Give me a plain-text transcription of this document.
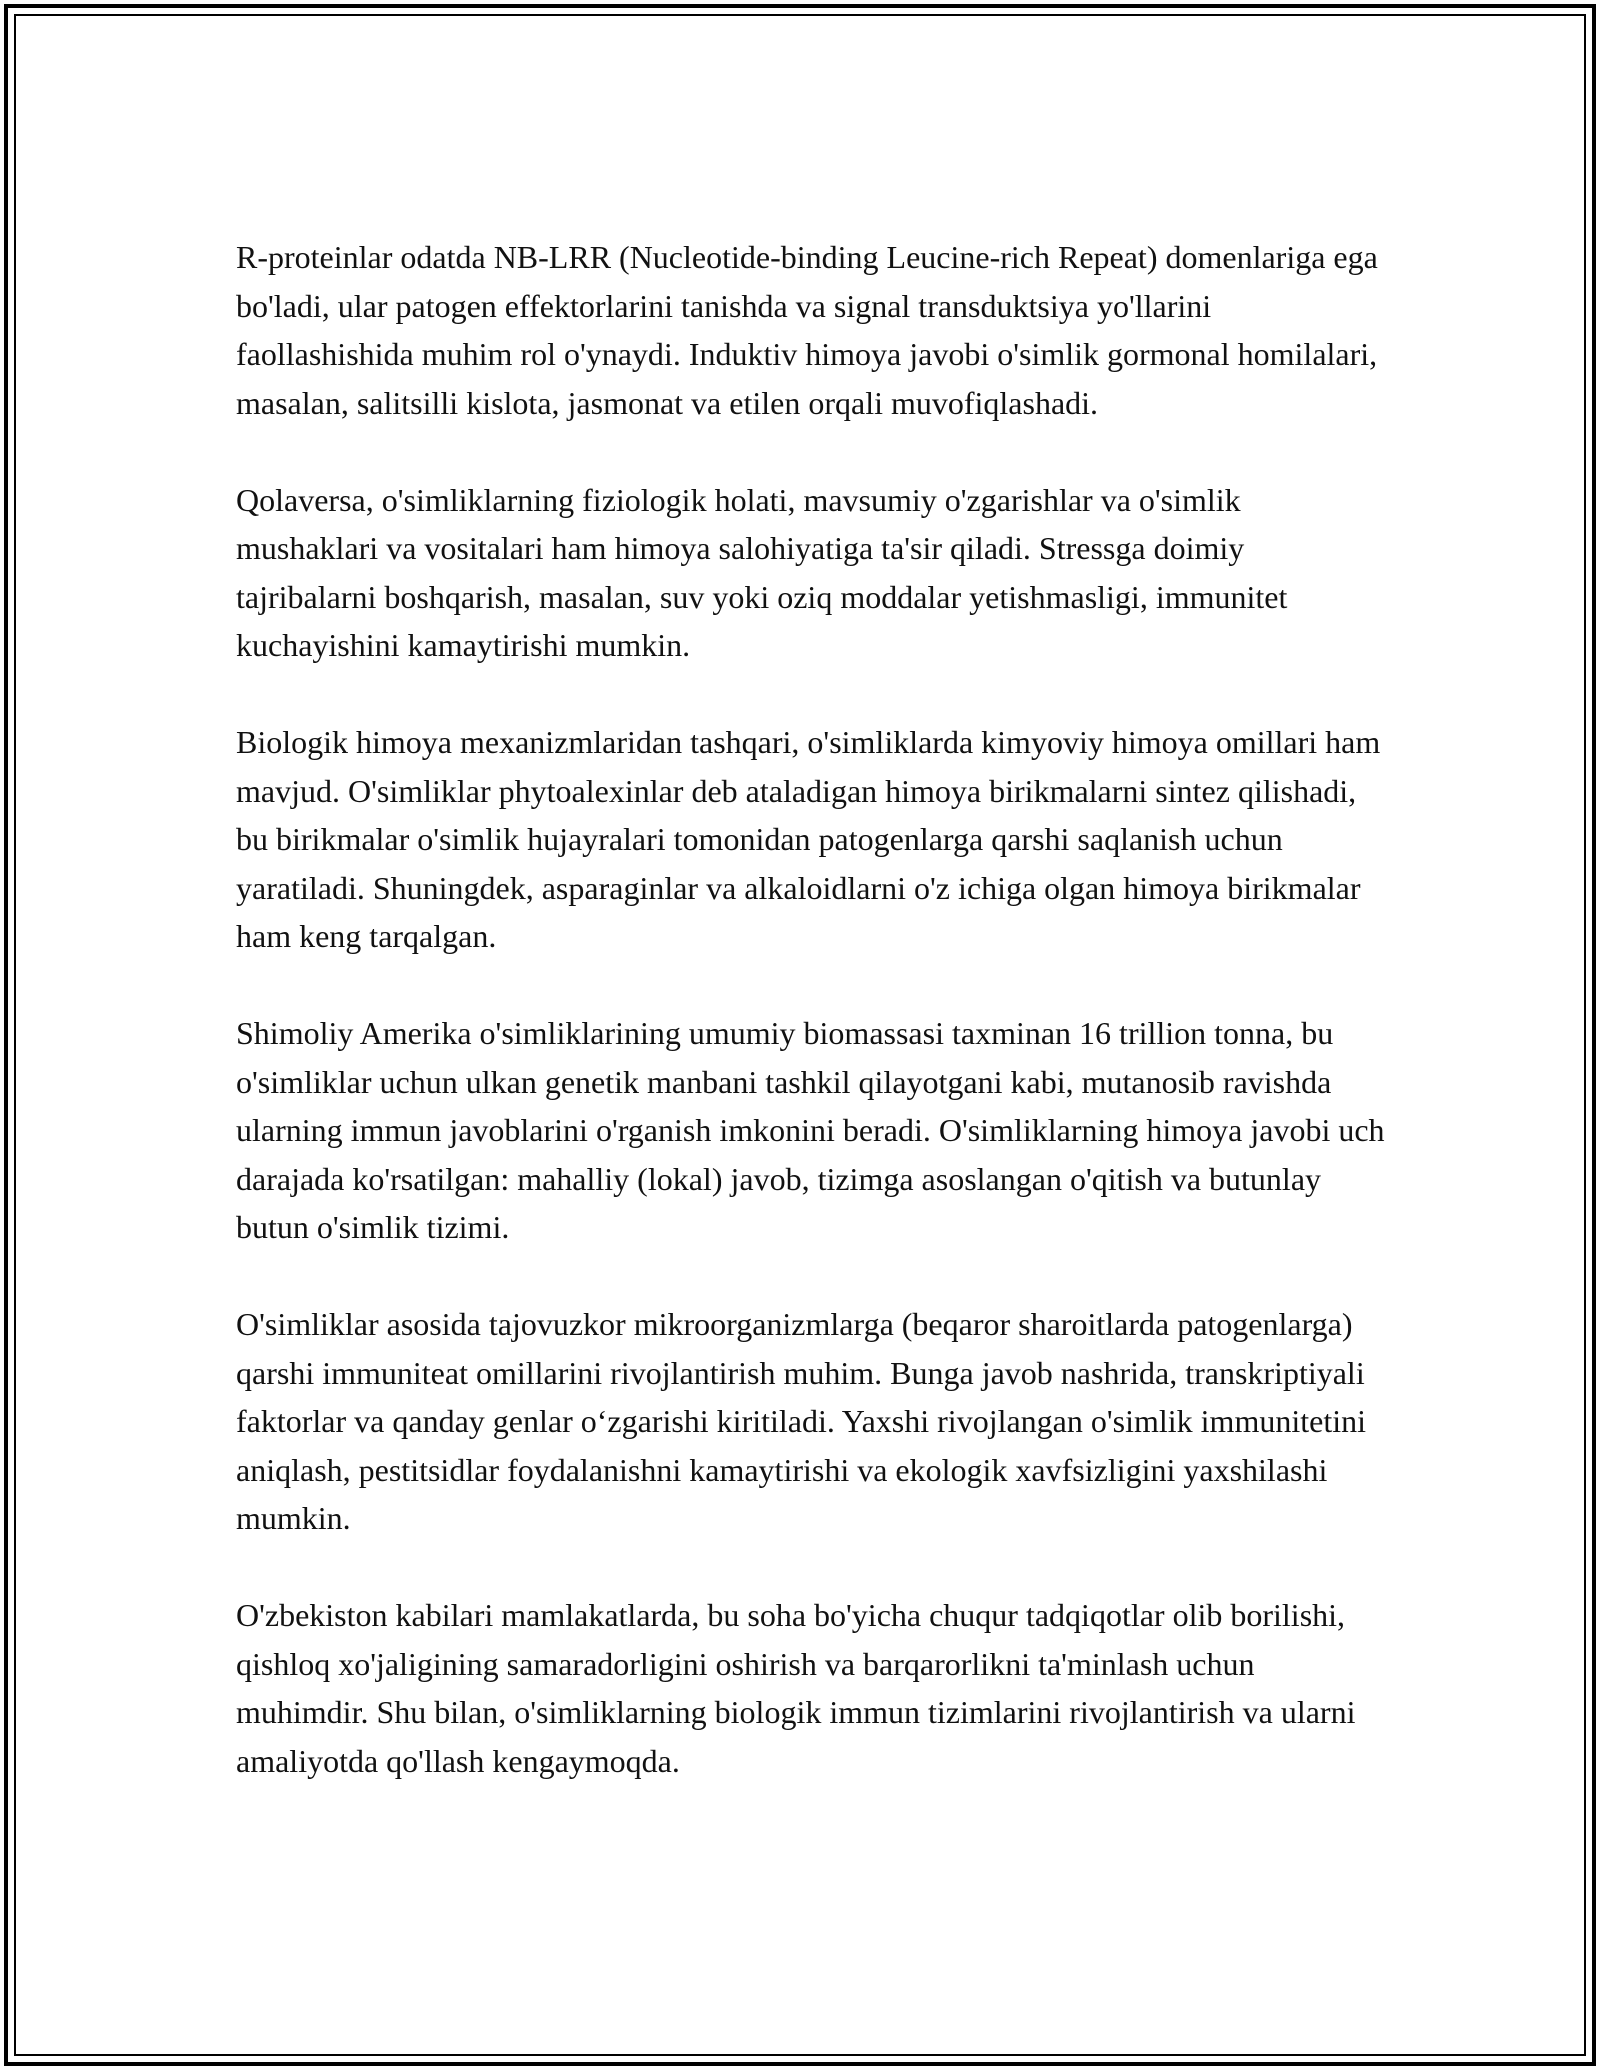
R-proteinlar odatda NB-LRR (Nucleotide-binding Leucine-rich Repeat) domenlariga ega bo'ladi, ular patogen effektorlarini tanishda va signal transduktsiya yo'llarini faollashishida muhim rol o'ynaydi. Induktiv himoya javobi o'simlik gormonal homilalari, masalan, salitsilli kislota, jasmonat va etilen orqali muvofiqlashadi.

Qolaversa, o'simliklarning fiziologik holati, mavsumiy o'zgarishlar va o'simlik mushaklari va vositalari ham himoya salohiyatiga ta'sir qiladi. Stressga doimiy tajribalarni boshqarish, masalan, suv yoki oziq moddalar yetishmasligi, immunitet kuchayishini kamaytirishi mumkin.

Biologik himoya mexanizmlaridan tashqari, o'simliklarda kimyoviy himoya omillari ham mavjud. O'simliklar phytoalexinlar deb ataladigan himoya birikmalarni sintez qilishadi, bu birikmalar o'simlik hujayralari tomonidan patogenlarga qarshi saqlanish uchun yaratiladi. Shuningdek, asparaginlar va alkaloidlarni o'z ichiga olgan himoya birikmalar ham keng tarqalgan.

Shimoliy Amerika o'simliklarining umumiy biomassasi taxminan 16 trillion tonna, bu o'simliklar uchun ulkan genetik manbani tashkil qilayotgani kabi, mutanosib ravishda ularning immun javoblarini o'rganish imkonini beradi. O'simliklarning himoya javobi uch darajada ko'rsatilgan: mahalliy (lokal) javob, tizimga asoslangan o'qitish va butunlay butun o'simlik tizimi.

O'simliklar asosida tajovuzkor mikroorganizmlarga (beqaror sharoitlarda patogenlarga) qarshi immuniteat omillarini rivojlantirish muhim. Bunga javob nashrida, transkriptiyali faktorlar va qanday genlar o‘zgarishi kiritiladi. Yaxshi rivojlangan o'simlik immunitetini aniqlash, pestitsidlar foydalanishni kamaytirishi va ekologik xavfsizligini yaxshilashi mumkin.

O'zbekiston kabilari mamlakatlarda, bu soha bo'yicha chuqur tadqiqotlar olib borilishi, qishloq xo'jaligining samaradorligini oshirish va barqarorlikni ta'minlash uchun muhimdir. Shu bilan, o'simliklarning biologik immun tizimlarini rivojlantirish va ularni amaliyotda qo'llash kengaymoqda.
